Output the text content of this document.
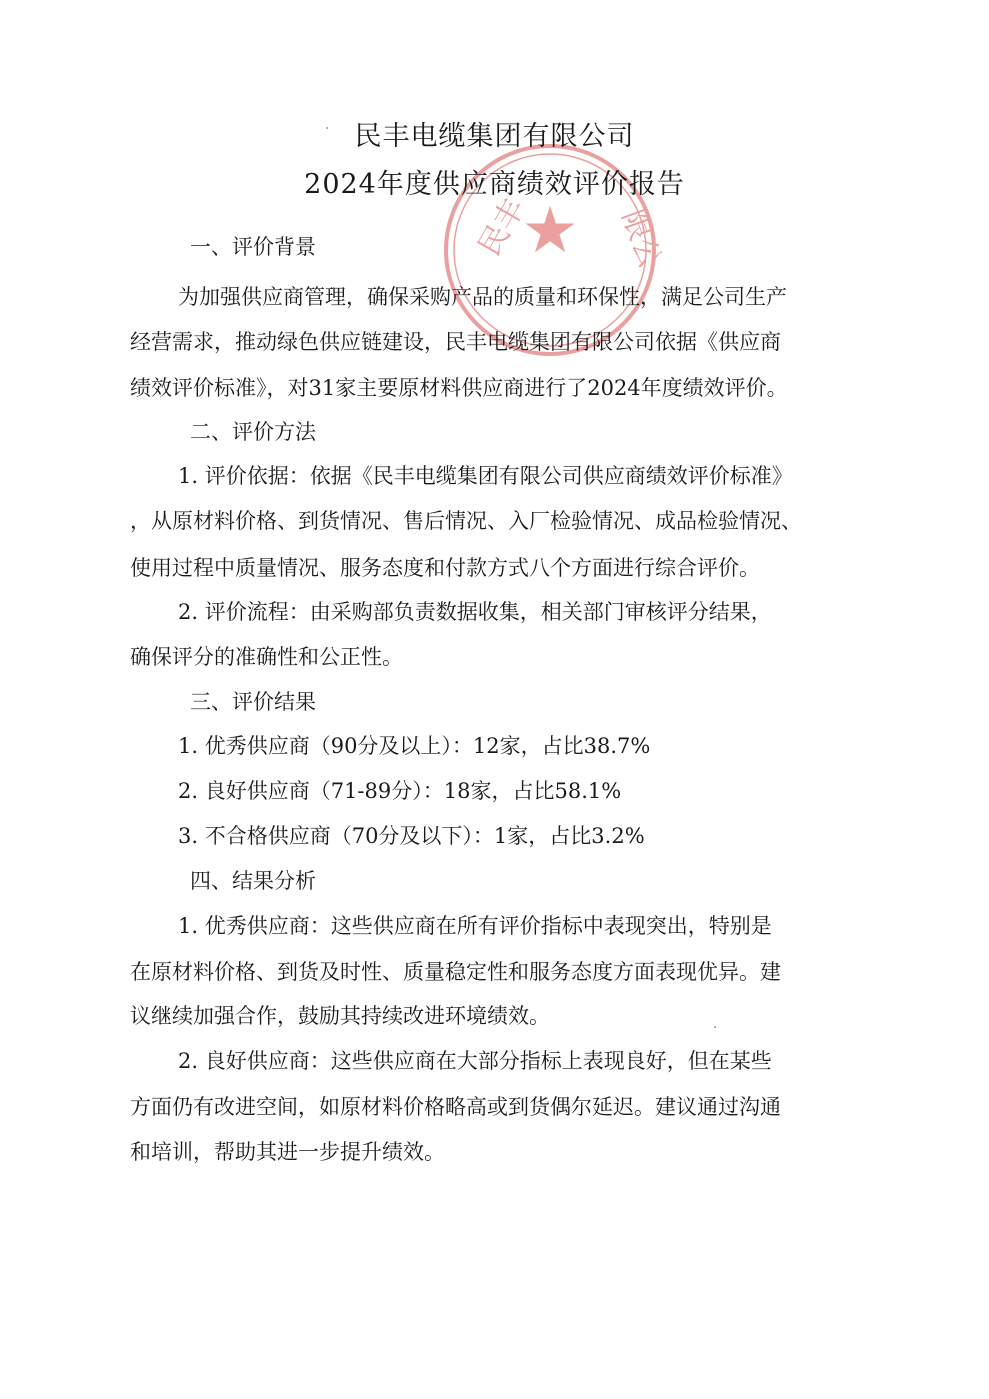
★
民丰	限公
民丰电缆集团有限公司
2024年度供应商绩效评价报告
一、评价背景
为加强供应商管理，确保采购产品的质量和环保性，满足公司生产
经营需求，推动绿色供应链建设，民丰电缆集团有限公司依据《供应商
绩效评价标准》，对31家主要原材料供应商进行了2024年度绩效评价。
二、评价方法
1. 评价依据：依据《民丰电缆集团有限公司供应商绩效评价标准》
，从原材料价格、到货情况、售后情况、入厂检验情况、成品检验情况、
使用过程中质量情况、服务态度和付款方式八个方面进行综合评价。
2. 评价流程：由采购部负责数据收集，相关部门审核评分结果，
确保评分的准确性和公正性。
三、评价结果
1. 优秀供应商（90分及以上）：12家，占比38.7%
2. 良好供应商（71-89分）：18家，占比58.1%
3. 不合格供应商（70分及以下）：1家，占比3.2%
四、结果分析
1. 优秀供应商：这些供应商在所有评价指标中表现突出，特别是
在原材料价格、到货及时性、质量稳定性和服务态度方面表现优异。建
议继续加强合作，鼓励其持续改进环境绩效。
2. 良好供应商：这些供应商在大部分指标上表现良好，但在某些
方面仍有改进空间，如原材料价格略高或到货偶尔延迟。建议通过沟通
和培训，帮助其进一步提升绩效。
